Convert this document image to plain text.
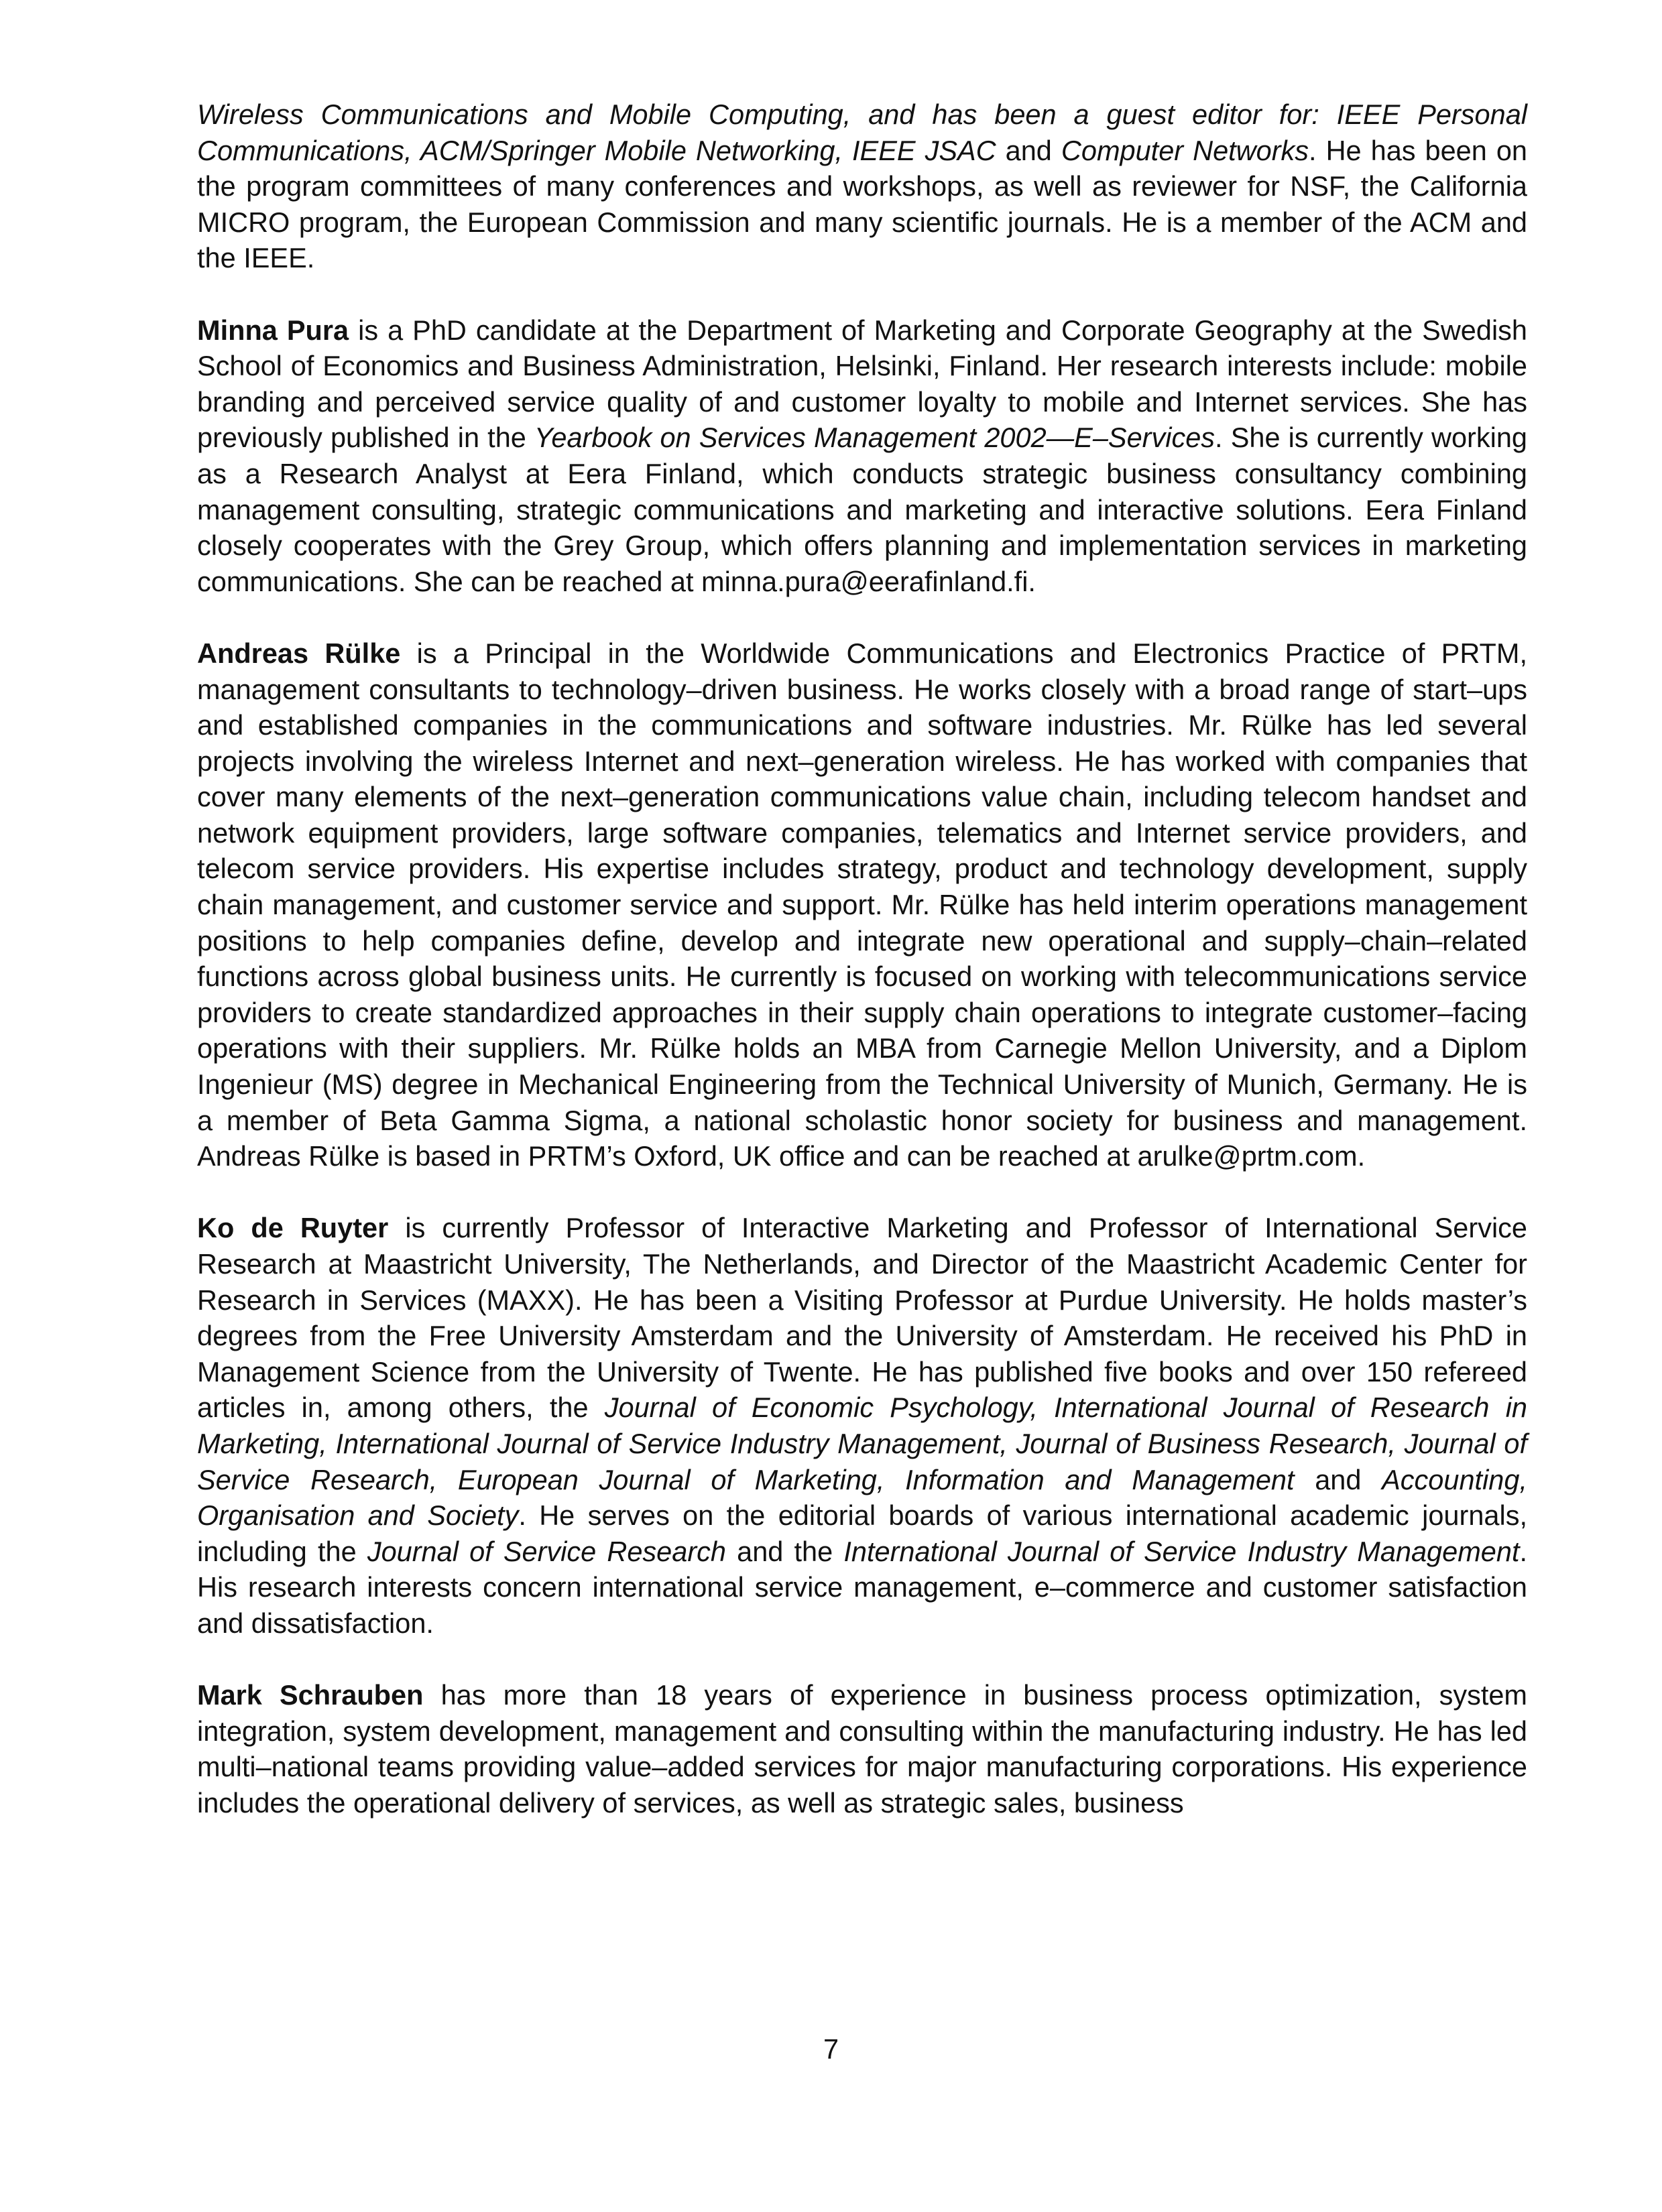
Wireless Communications and Mobile Computing, and has been a guest editor for: IEEE Personal Communications, ACM/Springer Mobile Networking, IEEE JSAC and Computer Networks. He has been on the program committees of many conferences and workshops, as well as reviewer for NSF, the California MICRO program, the European Commission and many scientific journals. He is a member of the ACM and the IEEE.

Minna Pura is a PhD candidate at the Department of Marketing and Corporate Geography at the Swedish School of Economics and Business Administration, Helsinki, Finland. Her research interests include: mobile branding and perceived service quality of and customer loyalty to mobile and Internet services. She has previously published in the Yearbook on Services Management 2002—E–Services. She is currently working as a Research Analyst at Eera Finland, which conducts strategic business consultancy combining management consulting, strategic communications and marketing and interactive solutions. Eera Finland closely cooperates with the Grey Group, which offers planning and implementation services in marketing communications. She can be reached at minna.pura@eerafinland.fi.

Andreas Rülke is a Principal in the Worldwide Communications and Electronics Practice of PRTM, management consultants to technology–driven business. He works closely with a broad range of start–ups and established companies in the communications and software industries. Mr. Rülke has led several projects involving the wireless Internet and next–generation wireless. He has worked with companies that cover many elements of the next–generation communications value chain, including telecom handset and network equipment providers, large software companies, telematics and Internet service providers, and telecom service providers. His expertise includes strategy, product and technology development, supply chain management, and customer service and support. Mr. Rülke has held interim operations management positions to help companies define, develop and integrate new operational and supply–chain–related functions across global business units. He currently is focused on working with telecommunications service providers to create standardized approaches in their supply chain operations to integrate customer–facing operations with their suppliers. Mr. Rülke holds an MBA from Carnegie Mellon University, and a Diplom Ingenieur (MS) degree in Mechanical Engineering from the Technical University of Munich, Germany. He is a member of Beta Gamma Sigma, a national scholastic honor society for business and management. Andreas Rülke is based in PRTM’s Oxford, UK office and can be reached at arulke@prtm.com.

Ko de Ruyter is currently Professor of Interactive Marketing and Professor of International Service Research at Maastricht University, The Netherlands, and Director of the Maastricht Academic Center for Research in Services (MAXX). He has been a Visiting Professor at Purdue University. He holds master’s degrees from the Free University Amsterdam and the University of Amsterdam. He received his PhD in Management Science from the University of Twente. He has published five books and over 150 refereed articles in, among others, the Journal of Economic Psychology, International Journal of Research in Marketing, International Journal of Service Industry Management, Journal of Business Research, Journal of Service Research, European Journal of Marketing, Information and Management and Accounting, Organisation and Society. He serves on the editorial boards of various international academic journals, including the Journal of Service Research and the International Journal of Service Industry Management. His research interests concern international service management, e–commerce and customer satisfaction and dissatisfaction.

Mark Schrauben has more than 18 years of experience in business process optimization, system integration, system development, management and consulting within the manufacturing industry. He has led multi–national teams providing value–added services for major manufacturing corporations. His experience includes the operational delivery of services, as well as strategic sales, business

7
